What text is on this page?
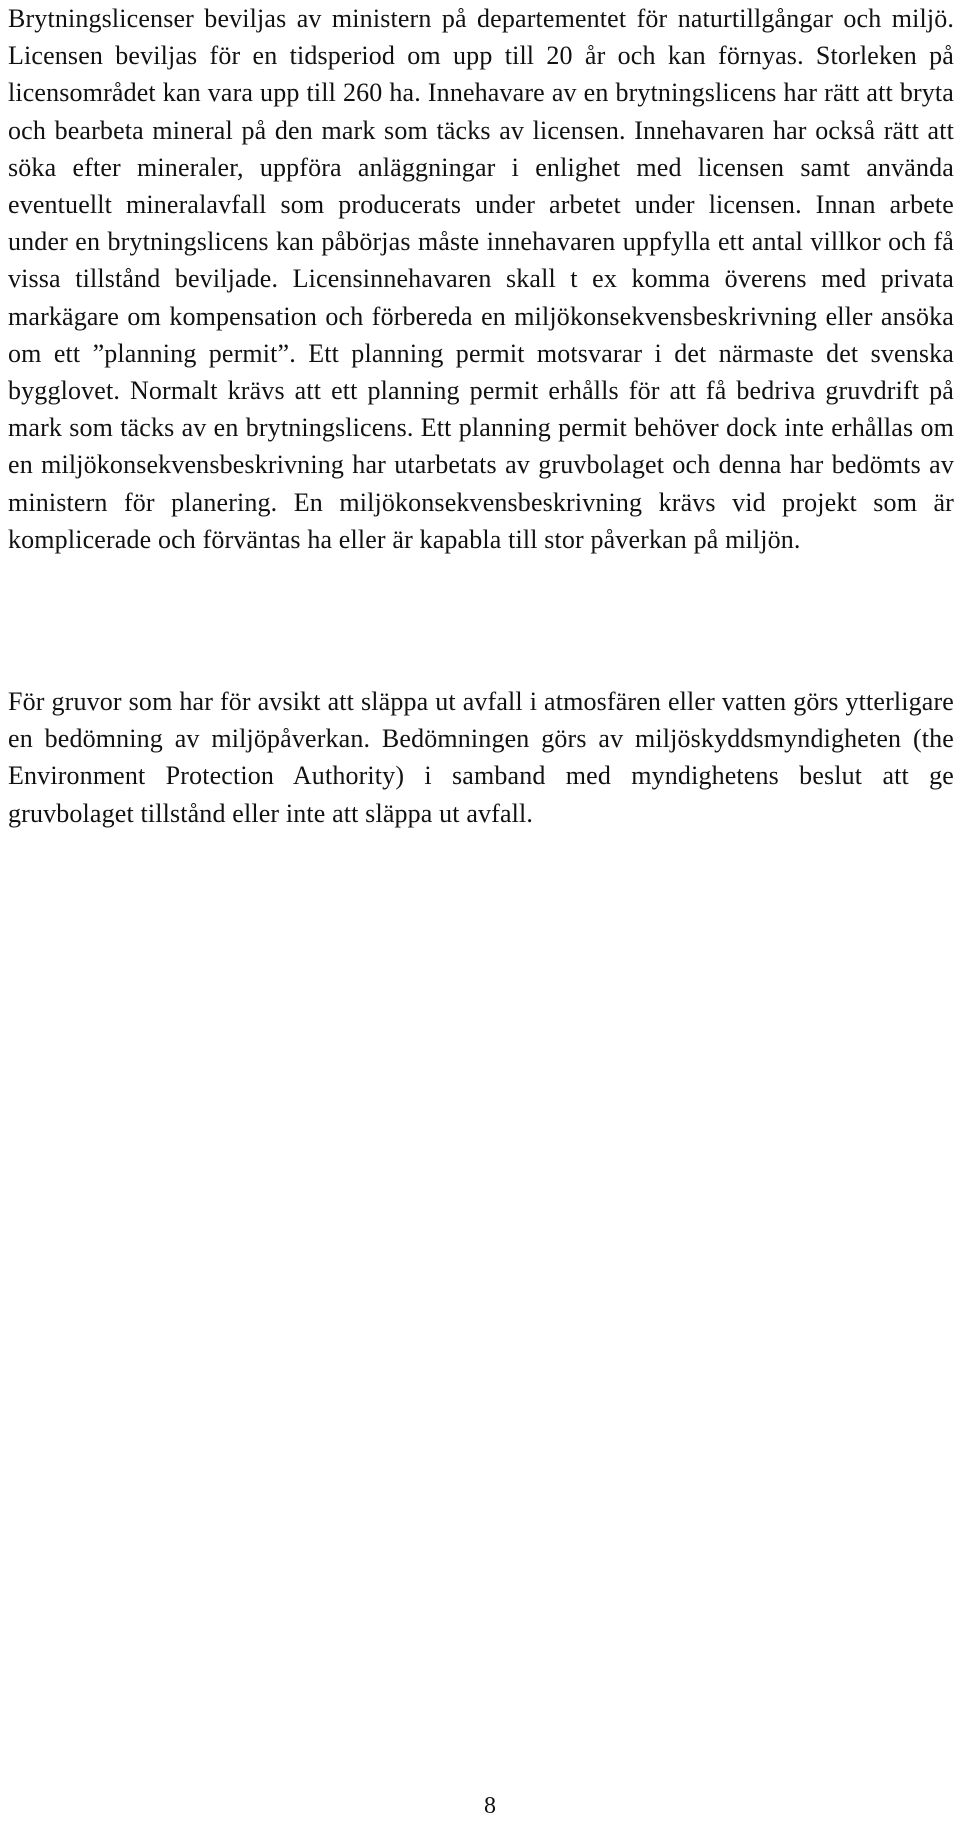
Brytningslicenser beviljas av ministern på departementet för naturtillgångar och miljö. Licensen beviljas för en tidsperiod om upp till 20 år och kan förnyas. Storleken på licensområdet kan vara upp till 260 ha. Innehavare av en brytningslicens har rätt att bryta och bearbeta mineral på den mark som täcks av licensen. Innehavaren har också rätt att söka efter mineraler, uppföra anläggningar i enlighet med licensen samt använda eventuellt mineralavfall som producerats under arbetet under licensen. Innan arbete under en brytningslicens kan påbörjas måste innehavaren uppfylla ett antal villkor och få vissa tillstånd beviljade. Licensinnehavaren skall t ex komma överens med privata markägare om kompensation och förbereda en miljökonsekvensbeskrivning eller ansöka om ett ”planning permit”. Ett planning permit motsvarar i det närmaste det svenska bygglovet. Normalt krävs att ett planning permit erhålls för att få bedriva gruvdrift på mark som täcks av en brytningslicens. Ett planning permit behöver dock inte erhållas om en miljökonsekvensbeskrivning har utarbetats av gruvbolaget och denna har bedömts av ministern för planering. En miljökonsekvensbeskrivning krävs vid projekt som är komplicerade och förväntas ha eller är kapabla till stor påverkan på miljön.

För gruvor som har för avsikt att släppa ut avfall i atmosfären eller vatten görs ytterligare en bedömning av miljöpåverkan. Bedömningen görs av miljöskyddsmyndigheten (the Environment Protection Authority) i samband med myndighetens beslut att ge gruvbolaget tillstånd eller inte att släppa ut avfall.

8
